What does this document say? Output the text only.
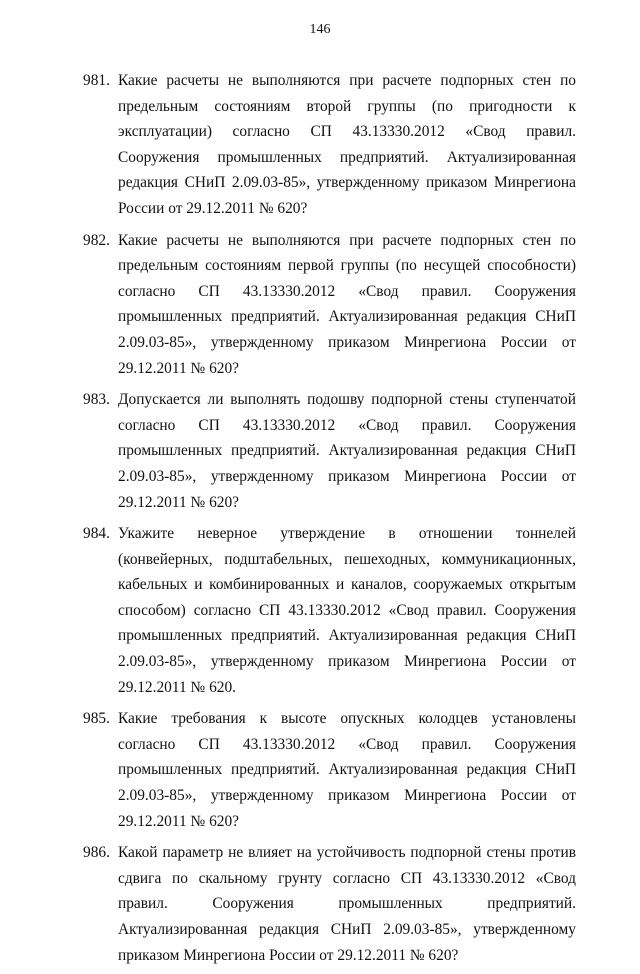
146
981. Какие расчеты не выполняются при расчете подпорных стен по предельным состояниям второй группы (по пригодности к эксплуатации) согласно СП 43.13330.2012 «Свод правил. Сооружения промышленных предприятий. Актуализированная редакция СНиП 2.09.03-85», утвержденному приказом Минрегиона России от 29.12.2011 № 620?
982. Какие расчеты не выполняются при расчете подпорных стен по предельным состояниям первой группы (по несущей способности) согласно СП 43.13330.2012 «Свод правил. Сооружения промышленных предприятий. Актуализированная редакция СНиП 2.09.03-85», утвержденному приказом Минрегиона России от 29.12.2011 № 620?
983. Допускается ли выполнять подошву подпорной стены ступенчатой согласно СП 43.13330.2012 «Свод правил. Сооружения промышленных предприятий. Актуализированная редакция СНиП 2.09.03-85», утвержденному приказом Минрегиона России от 29.12.2011 № 620?
984. Укажите неверное утверждение в отношении тоннелей (конвейерных, подштабельных, пешеходных, коммуникационных, кабельных и комбинированных и каналов, сооружаемых открытым способом) согласно СП 43.13330.2012 «Свод правил. Сооружения промышленных предприятий. Актуализированная редакция СНиП 2.09.03-85», утвержденному приказом Минрегиона России от 29.12.2011 № 620.
985. Какие требования к высоте опускных колодцев установлены согласно СП 43.13330.2012 «Свод правил. Сооружения промышленных предприятий. Актуализированная редакция СНиП 2.09.03-85», утвержденному приказом Минрегиона России от 29.12.2011 № 620?
986. Какой параметр не влияет на устойчивость подпорной стены против сдвига по скальному грунту согласно СП 43.13330.2012 «Свод правил. Сооружения промышленных предприятий. Актуализированная редакция СНиП 2.09.03-85», утвержденному приказом Минрегиона России от 29.12.2011 № 620?
